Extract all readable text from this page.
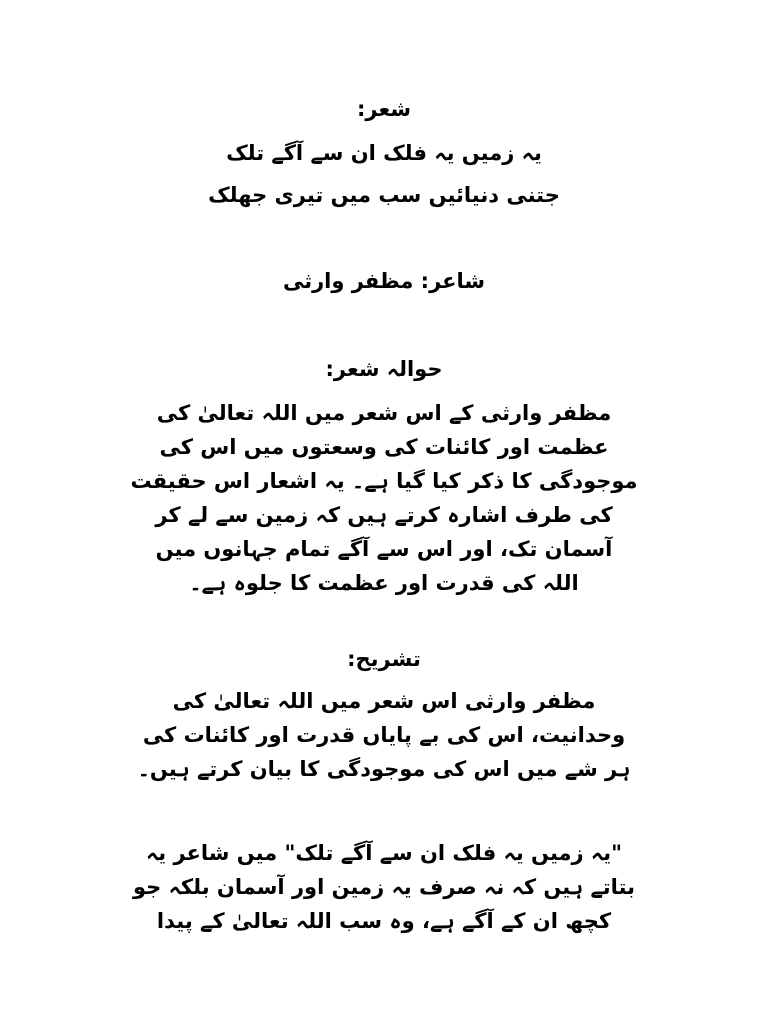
شعر:
یہ زمیں یہ فلک ان سے آگے تلک
جتنی دنیائیں سب میں تیری جھلک
شاعر: مظفر وارثی
حوالہ شعر:
مظفر وارثی کے اس شعر میں اللہ تعالیٰ کی
عظمت اور کائنات کی وسعتوں میں اس کی
موجودگی کا ذکر کیا گیا ہے۔ یہ اشعار اس حقیقت
کی طرف اشارہ کرتے ہیں کہ زمین سے لے کر
آسمان تک، اور اس سے آگے تمام جہانوں میں
اللہ کی قدرت اور عظمت کا جلوہ ہے۔
تشریح:
مظفر وارثی اس شعر میں اللہ تعالیٰ کی
وحدانیت، اس کی بے پایاں قدرت اور کائنات کی
ہر شے میں اس کی موجودگی کا بیان کرتے ہیں۔
"یہ زمیں یہ فلک ان سے آگے تلک" میں شاعر یہ
بتاتے ہیں کہ نہ صرف یہ زمین اور آسمان بلکہ جو
کچھ ان کے آگے ہے، وہ سب اللہ تعالیٰ کے پیدا
